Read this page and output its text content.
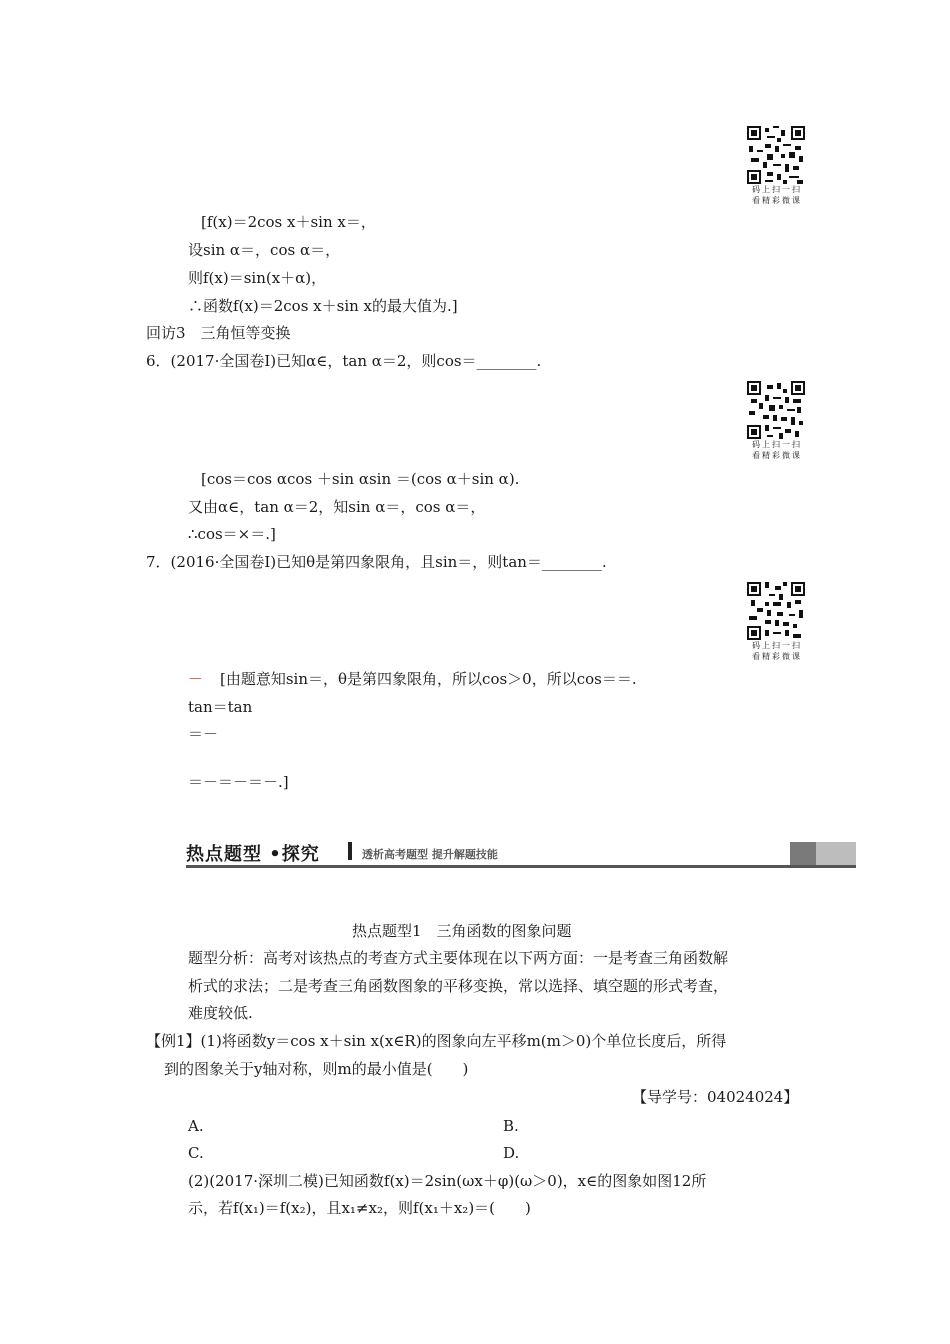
码上扫一扫
看精彩微课
码上扫一扫
看精彩微课
码上扫一扫
看精彩微课
[f(x)＝2cos x＋sin x＝，
设sin α＝，cos α＝，
则f(x)＝sin(x＋α)，
∴函数f(x)＝2cos x＋sin x的最大值为.]
回访3　三角恒等变换
6．(2017·全国卷Ⅰ)已知α∈，tan α＝2，则cos＝________.
[cos＝cos αcos ＋sin αsin ＝(cos α＋sin α).
又由α∈，tan α＝2，知sin α＝，cos α＝，
∴cos＝×＝.]
7．(2016·全国卷Ⅰ)已知θ是第四象限角，且sin＝，则tan＝________.
－ [由题意知sin＝，θ是第四象限角，所以cos＞0，所以cos＝＝.
tan＝tan
＝－
＝－＝－＝－.]
热点题型 •探究	透析高考题型 提升解题技能
热点题型1　三角函数的图象问题
题型分析：高考对该热点的考查方式主要体现在以下两方面：一是考查三角函数解
析式的求法；二是考查三角函数图象的平移变换，常以选择、填空题的形式考查，
难度较低.
【例1】(1)将函数y＝cos x＋sin x(x∈R)的图象向左平移m(m＞0)个单位长度后，所得
到的图象关于y轴对称，则m的最小值是(　　)
【导学号：04024024】
A.	B.
C.	D.
(2)(2017·深圳二模)已知函数f(x)＝2sin(ωx＋φ)(ω＞0)，x∈的图象如图12所
示，若f(x₁)＝f(x₂)，且x₁≠x₂，则f(x₁＋x₂)＝(　　)
